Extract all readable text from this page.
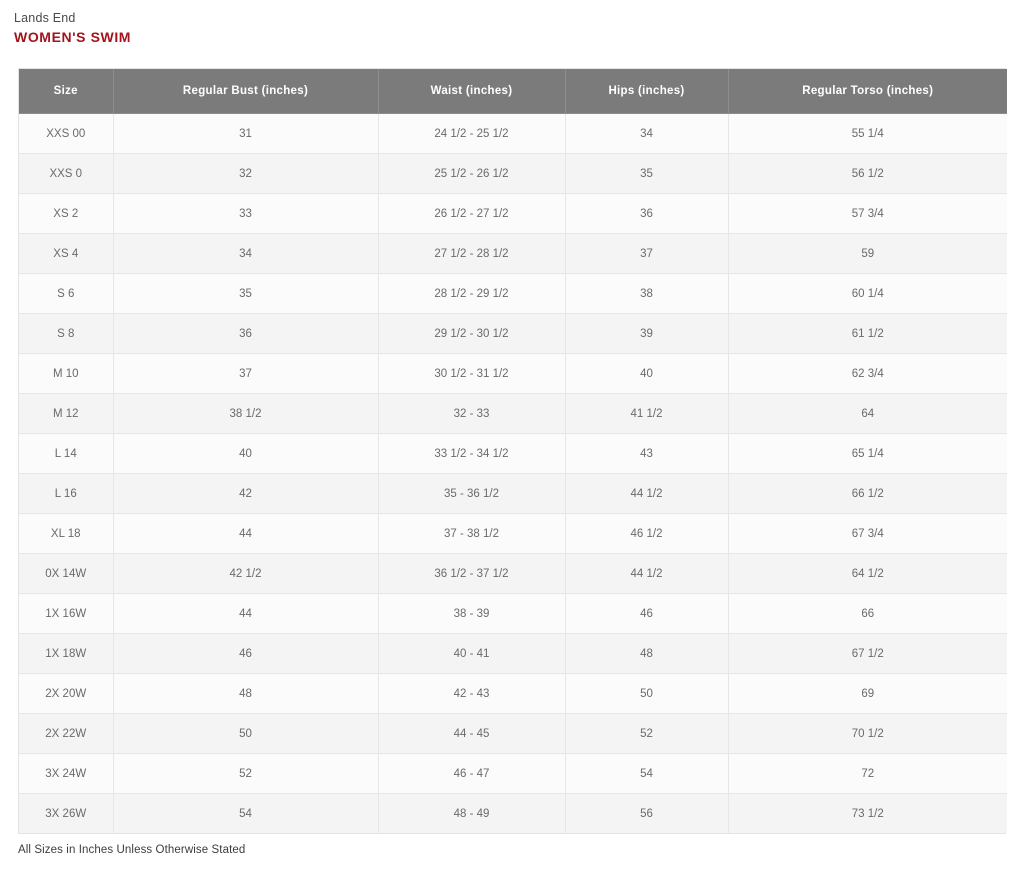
Lands End
WOMEN'S SWIM
Size	Regular Bust (inches)	Waist (inches)	Hips (inches)	Regular Torso (inches)
XXS 00	31	24 1/2 - 25 1/2	34	55 1/4
XXS 0	32	25 1/2 - 26 1/2	35	56 1/2
XS 2	33	26 1/2 - 27 1/2	36	57 3/4
XS 4	34	27 1/2 - 28 1/2	37	59
S 6	35	28 1/2 - 29 1/2	38	60 1/4
S 8	36	29 1/2 - 30 1/2	39	61 1/2
M 10	37	30 1/2 - 31 1/2	40	62 3/4
M 12	38 1/2	32 - 33	41 1/2	64
L 14	40	33 1/2 - 34 1/2	43	65 1/4
L 16	42	35 - 36 1/2	44 1/2	66 1/2
XL 18	44	37 - 38 1/2	46 1/2	67 3/4
0X 14W	42 1/2	36 1/2 - 37 1/2	44 1/2	64 1/2
1X 16W	44	38 - 39	46	66
1X 18W	46	40 - 41	48	67 1/2
2X 20W	48	42 - 43	50	69
2X 22W	50	44 - 45	52	70 1/2
3X 24W	52	46 - 47	54	72
3X 26W	54	48 - 49	56	73 1/2
All Sizes in Inches Unless Otherwise Stated
